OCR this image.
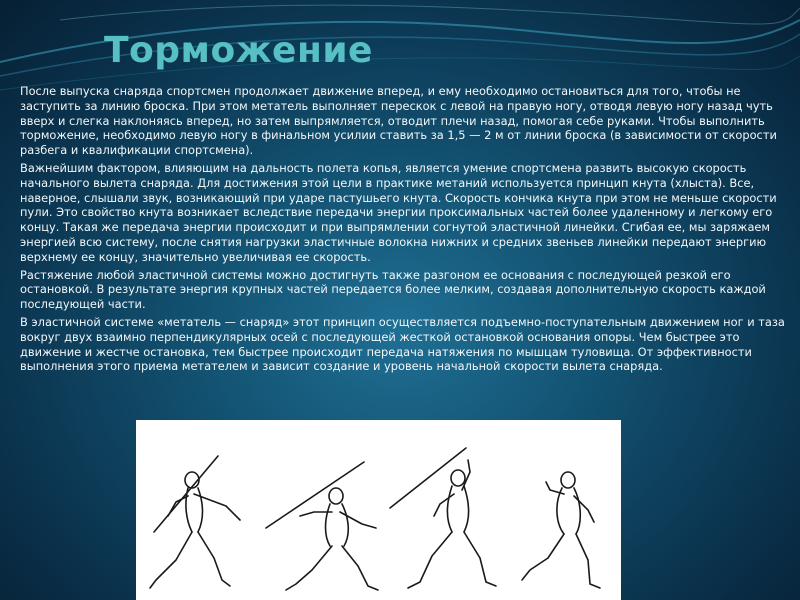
Торможение

После выпуска снаряда спортсмен продолжает движение вперед, и ему необходимо остановиться для того, чтобы не заступить за линию броска. При этом метатель выполняет перескок с левой на правую ногу, отводя левую ногу назад чуть вверх и слегка наклоняясь вперед, но затем выпрямляется, отводит плечи назад, помогая себе руками. Чтобы выполнить торможение, необходимо левую ногу в финальном усилии ставить за 1,5 — 2 м от линии броска (в зависимости от скорости разбега и квалификации спортсмена).

Важнейшим фактором, влияющим на дальность полета копья, является умение спортсмена развить высокую скорость начального вылета снаряда. Для достижения этой цели в практике метаний используется принцип кнута (хлыста). Все, наверное, слышали звук, возникающий при ударе пастушьего кнута. Скорость кончика кнута при этом не меньше скорости пули. Это свойство кнута возникает вследствие передачи энергии проксимальных частей более удаленному и легкому его концу. Такая же передача энергии происходит и при выпрямлении согнутой эластичной линейки. Сгибая ее, мы заряжаем энергией всю систему, после снятия нагрузки эластичные волокна нижних и средних звеньев линейки передают энергию верхнему ее концу, значительно увеличивая ее скорость.

Растяжение любой эластичной системы можно достигнуть также разгоном ее основания с последующей резкой его остановкой. В результате энергия крупных частей передается более мелким, создавая дополнительную скорость каждой последующей части.

В эластичной системе «метатель — снаряд» этот принцип осуществляется подъемно-поступательным движением ног и таза вокруг двух взаимно перпендикулярных осей с последующей жесткой остановкой основания опоры. Чем быстрее это движение и жестче остановка, тем быстрее происходит передача натяжения по мышцам туловища. От эффективности выполнения этого приема метателем и зависит создание и уровень начальной скорости вылета снаряда.
